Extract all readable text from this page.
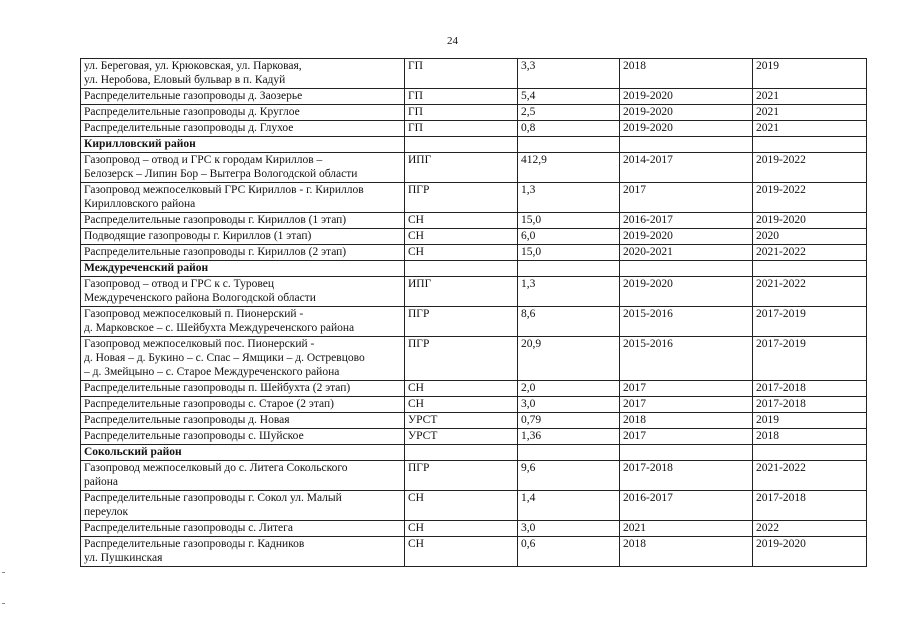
24
ул. Береговая, ул. Крюковская, ул. Парковая,
ул. Неробова, Еловый бульвар в п. Кадуй	ГП	3,3	2018	2019
Распределительные газопроводы д. Заозерье	ГП	5,4	2019-2020	2021
Распределительные газопроводы д. Круглое	ГП	2,5	2019-2020	2021
Распределительные газопроводы д. Глухое	ГП	0,8	2019-2020	2021
Кирилловский район				
Газопровод – отвод и ГРС к городам Кириллов –
Белозерск – Липин Бор – Вытегра Вологодской области	ИПГ	412,9	2014-2017	2019-2022
Газопровод межпоселковый ГРС Кириллов - г. Кириллов
Кирилловского района	ПГР	1,3	2017	2019-2022
Распределительные газопроводы г. Кириллов (1 этап)	СН	15,0	2016-2017	2019-2020
Подводящие газопроводы г. Кириллов (1 этап)	СН	6,0	2019-2020	2020
Распределительные газопроводы г. Кириллов (2 этап)	СН	15,0	2020-2021	2021-2022
Междуреченский район				
Газопровод – отвод и ГРС к с. Туровец
Междуреченского района Вологодской области	ИПГ	1,3	2019-2020	2021-2022
Газопровод межпоселковый п. Пионерский -
д. Марковское – с. Шейбухта Междуреченского района	ПГР	8,6	2015-2016	2017-2019
Газопровод межпоселковый пос. Пионерский -
д. Новая – д. Букино – с. Спас – Ямщики – д. Остревцово
– д. Змейцыно – с. Старое Междуреченского района	ПГР	20,9	2015-2016	2017-2019
Распределительные газопроводы п. Шейбухта (2 этап)	СН	2,0	2017	2017-2018
Распределительные газопроводы с. Старое (2 этап)	СН	3,0	2017	2017-2018
Распределительные газопроводы д. Новая	УРСТ	0,79	2018	2019
Распределительные газопроводы с. Шуйское	УРСТ	1,36	2017	2018
Сокольский район				
Газопровод межпоселковый до с. Литега Сокольского
района	ПГР	9,6	2017-2018	2021-2022
Распределительные газопроводы г. Сокол ул. Малый
переулок	СН	1,4	2016-2017	2017-2018
Распределительные газопроводы с. Литега	СН	3,0	2021	2022
Распределительные газопроводы г. Кадников
ул. Пушкинская	СН	0,6	2018	2019-2020
